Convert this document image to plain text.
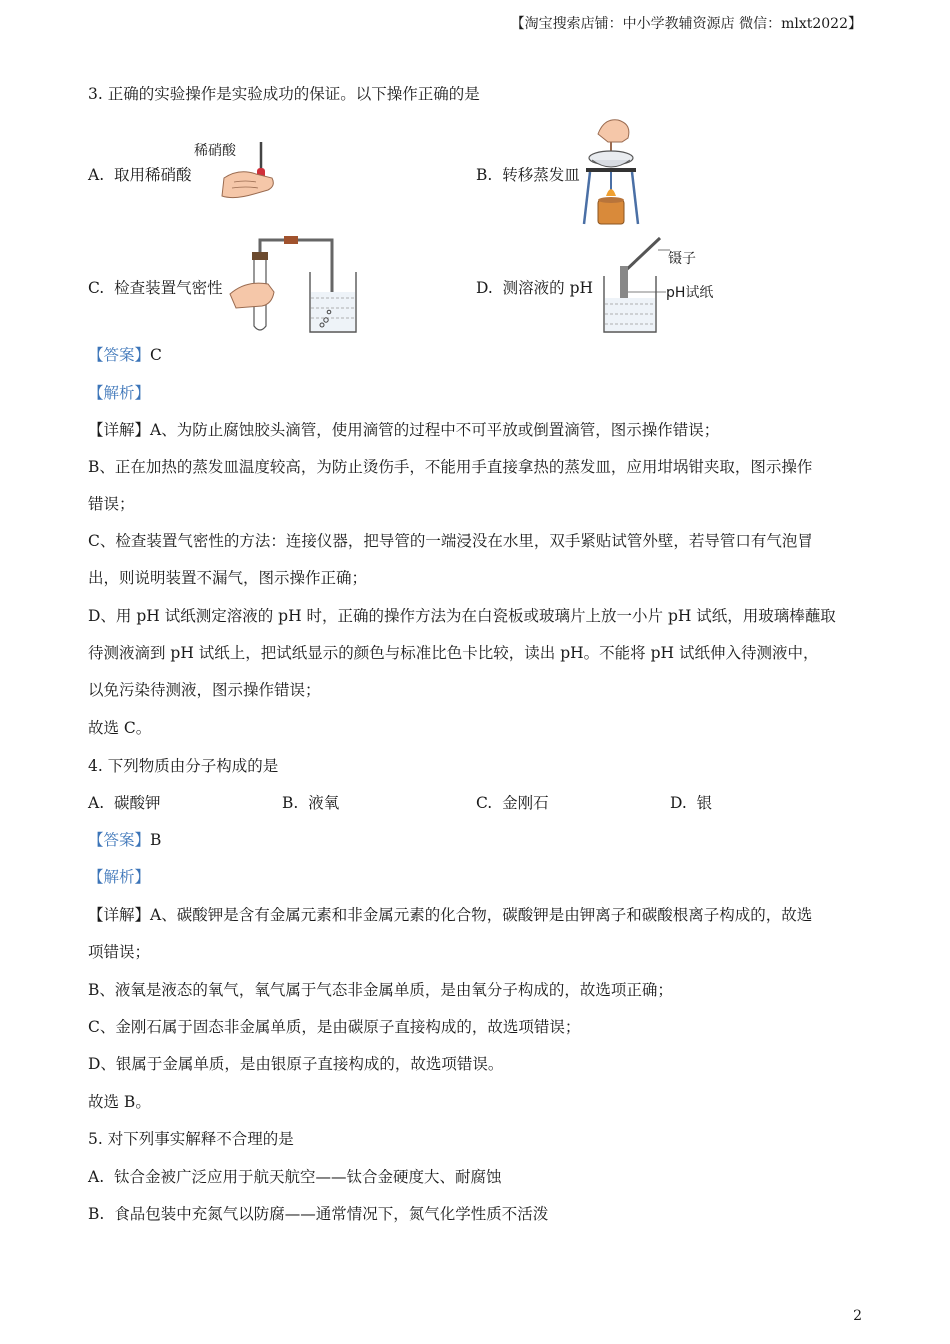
【淘宝搜索店铺：中小学教辅资源店 微信：mlxt2022】
3. 正确的实验操作是实验成功的保证。以下操作正确的是
A. 取用稀硝酸	B. 转移蒸发皿
C. 检查装置气密性	D. 测溶液的 pH
稀硝酸
镊子
pH试纸
【答案】C
【解析】
【详解】A、为防止腐蚀胶头滴管，使用滴管的过程中不可平放或倒置滴管，图示操作错误；
B、正在加热的蒸发皿温度较高，为防止烫伤手，不能用手直接拿热的蒸发皿，应用坩埚钳夹取，图示操作
错误；
C、检查装置气密性的方法：连接仪器，把导管的一端浸没在水里，双手紧贴试管外壁，若导管口有气泡冒
出，则说明装置不漏气，图示操作正确；
D、用 pH 试纸测定溶液的 pH 时，正确的操作方法为在白瓷板或玻璃片上放一小片 pH 试纸，用玻璃棒蘸取
待测液滴到 pH 试纸上，把试纸显示的颜色与标准比色卡比较，读出 pH。不能将 pH 试纸伸入待测液中，
以免污染待测液，图示操作错误；
故选 C。
4. 下列物质由分子构成的是
A. 碳酸钾	B. 液氧	C. 金刚石	D. 银
【答案】B
【解析】
【详解】A、碳酸钾是含有金属元素和非金属元素的化合物，碳酸钾是由钾离子和碳酸根离子构成的，故选
项错误；
B、液氧是液态的氧气，氧气属于气态非金属单质，是由氧分子构成的，故选项正确；
C、金刚石属于固态非金属单质，是由碳原子直接构成的，故选项错误；
D、银属于金属单质，是由银原子直接构成的，故选项错误。
故选 B。
5. 对下列事实解释不合理的是
A. 钛合金被广泛应用于航天航空——钛合金硬度大、耐腐蚀
B. 食品包装中充氮气以防腐——通常情况下，氮气化学性质不活泼
2
